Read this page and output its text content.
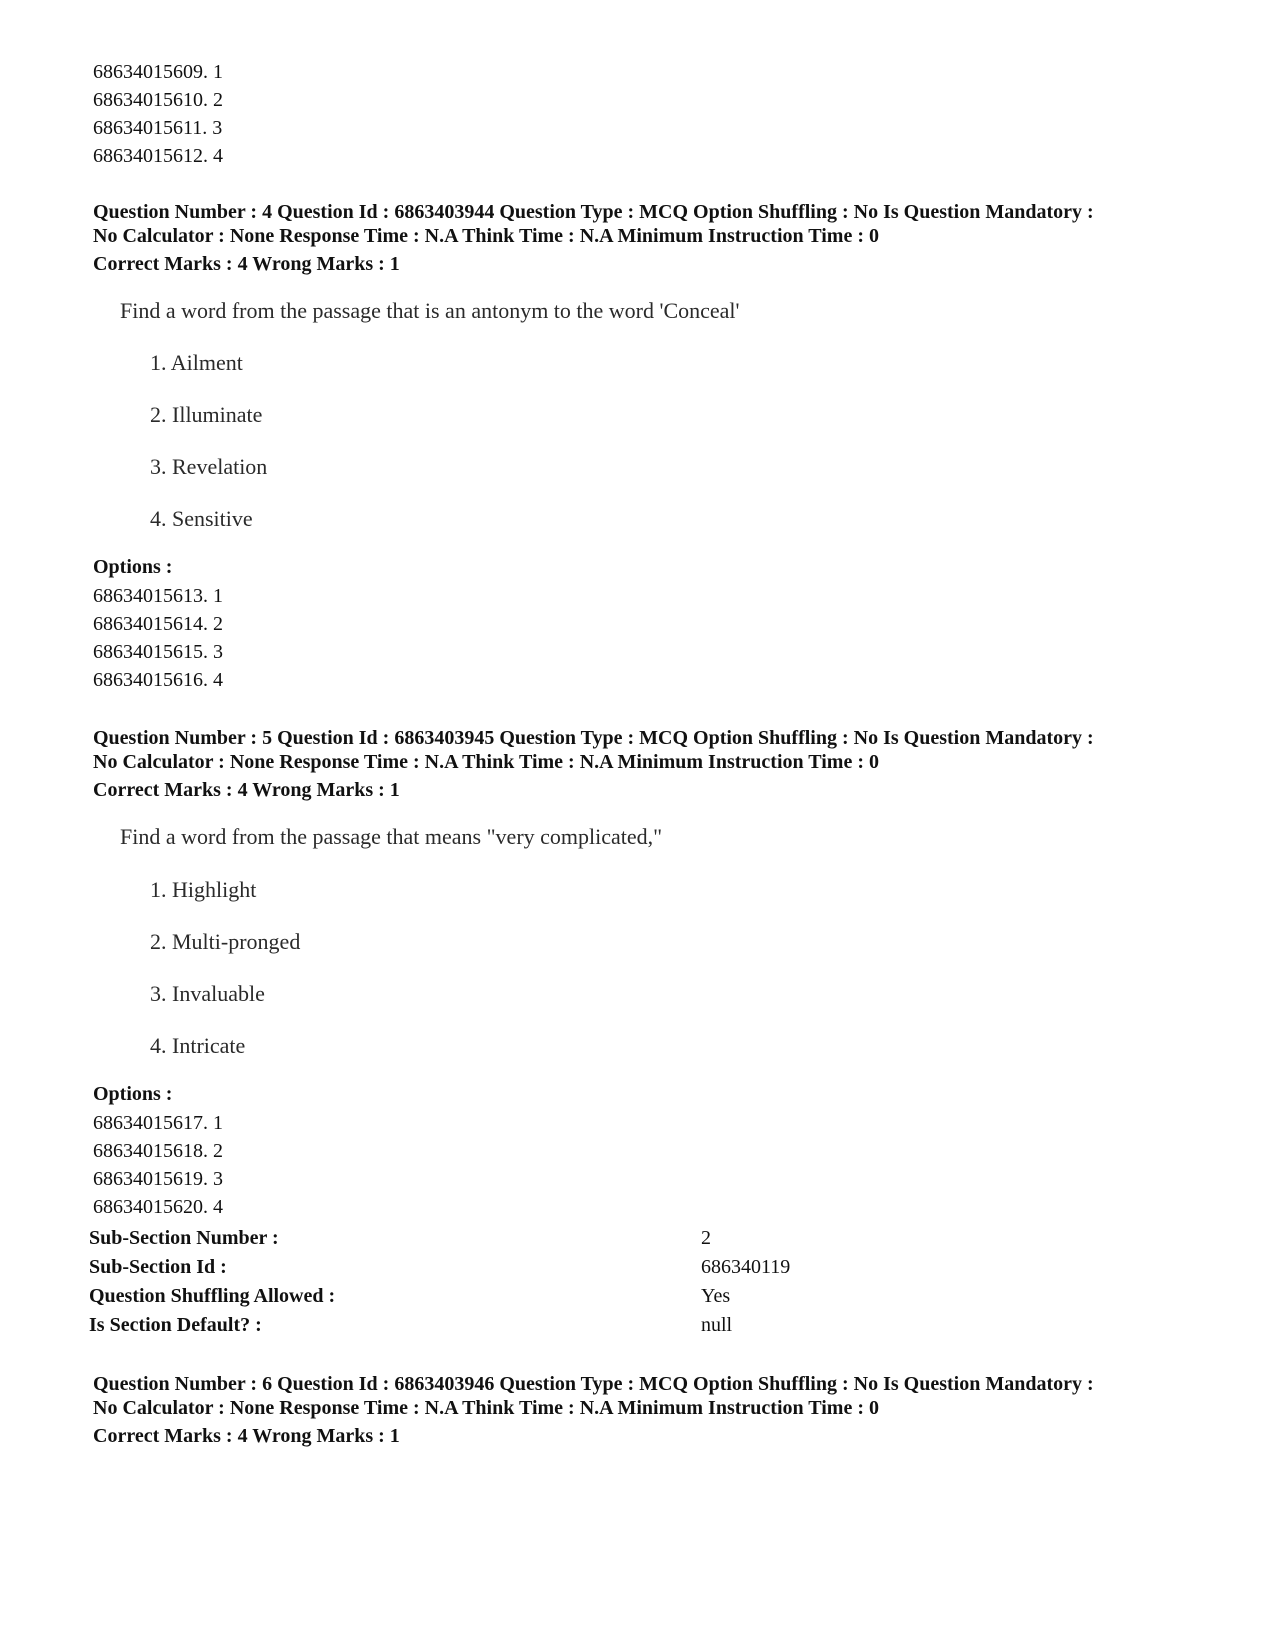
68634015609. 1
68634015610. 2
68634015611. 3
68634015612. 4
Question Number : 4 Question Id : 6863403944 Question Type : MCQ Option Shuffling : No Is Question Mandatory :
No Calculator : None Response Time : N.A Think Time : N.A Minimum Instruction Time : 0
Correct Marks : 4 Wrong Marks : 1
Find a word from the passage that is an antonym to the word 'Conceal'
1. Ailment
2. Illuminate
3. Revelation
4. Sensitive
Options :
68634015613. 1
68634015614. 2
68634015615. 3
68634015616. 4
Question Number : 5 Question Id : 6863403945 Question Type : MCQ Option Shuffling : No Is Question Mandatory :
No Calculator : None Response Time : N.A Think Time : N.A Minimum Instruction Time : 0
Correct Marks : 4 Wrong Marks : 1
Find a word from the passage that means "very complicated,"
1. Highlight
2. Multi-pronged
3. Invaluable
4. Intricate
Options :
68634015617. 1
68634015618. 2
68634015619. 3
68634015620. 4
Sub-Section Number :	2
Sub-Section Id :	686340119
Question Shuffling Allowed :	Yes
Is Section Default? :	null
Question Number : 6 Question Id : 6863403946 Question Type : MCQ Option Shuffling : No Is Question Mandatory :
No Calculator : None Response Time : N.A Think Time : N.A Minimum Instruction Time : 0
Correct Marks : 4 Wrong Marks : 1
